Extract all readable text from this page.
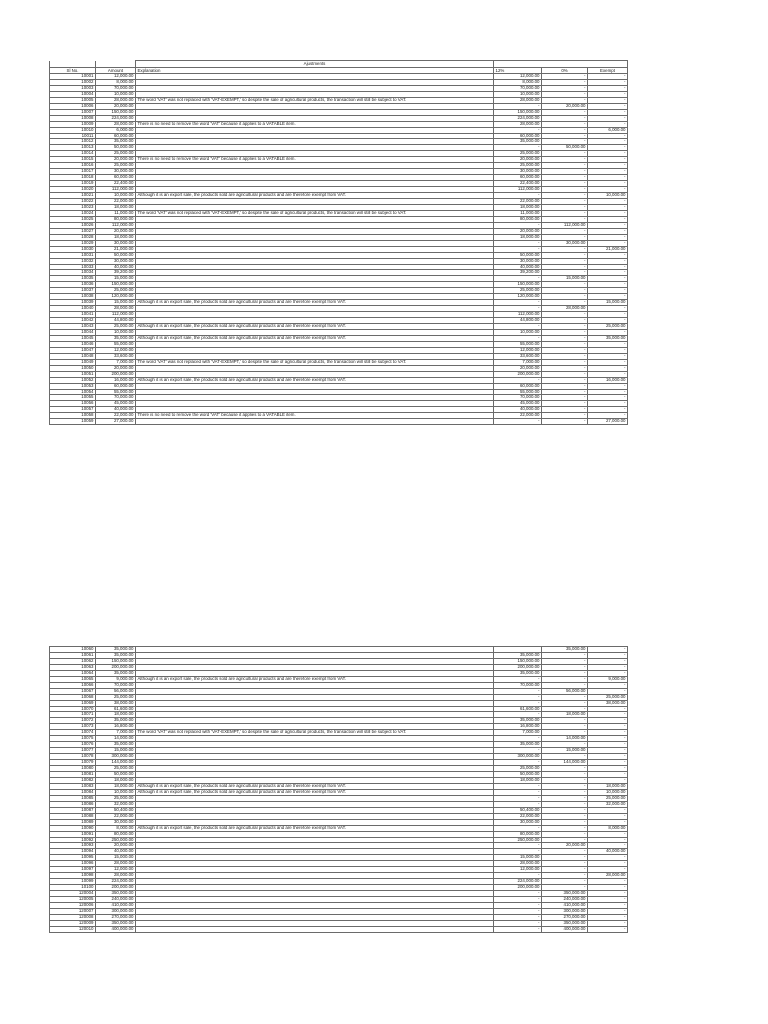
		Ajustments			
Sl No.	Amount	Explanation	12%	0%	Exempt
10001	12,000.00		12,000.00	-	-
10002	8,000.00		8,000.00	-	-
10003	70,000.00		70,000.00	-	-
10004	10,000.00		10,000.00	-	-
10005	28,000.00	The word 'VAT' was not replaced with 'VAT-EXEMPT,' so despite the sale of agricultural products, the transaction will still be subject to VAT.	28,000.00	-	-
10006	20,000.00		-	20,000.00	-
10007	150,000.00		150,000.00	-	-
10008	224,000.00		224,000.00	-	-
10009	28,000.00	There is no need to remove the word 'VAT' because it applies to a VATABLE item.	28,000.00	-	-
10010	6,000.00		-	-	6,000.00
10011	60,000.00		60,000.00	-	-
10012	35,000.00		35,000.00	-	-
10013	50,000.00		-	50,000.00	-
10014	25,000.00		25,000.00	-	-
10015	20,000.00	There is no need to remove the word 'VAT' because it applies to a VATABLE item.	20,000.00	-	-
10016	25,000.00		25,000.00	-	-
10017	30,000.00		30,000.00	-	-
10018	60,000.00		60,000.00	-	-
10019	22,400.00		22,400.00	-	-
10020	112,000.00		112,000.00	-	-
10021	10,000.00	Although it is an export sale, the products sold are agricultural products and are therefore exempt from VAT.	-	-	10,000.00
10022	22,000.00		22,000.00	-	-
10023	18,000.00		18,000.00	-	-
10024	11,000.00	The word 'VAT' was not replaced with 'VAT-EXEMPT,' so despite the sale of agricultural products, the transaction will still be subject to VAT.	11,000.00	-	-
10025	80,000.00		80,000.00	-	-
10026	112,000.00		-	112,000.00	-
10027	20,000.00		20,000.00	-	-
10028	18,000.00		18,000.00	-	-
10029	30,000.00		-	30,000.00	-
10030	21,000.00		-	-	21,000.00
10031	50,000.00		50,000.00	-	-
10032	30,000.00		30,000.00	-	-
10033	40,000.00		40,000.00	-	-
10034	39,200.00		39,200.00	-	-
10035	15,000.00		-	15,000.00	-
10036	150,000.00		150,000.00	-	-
10037	25,000.00		25,000.00	-	-
10038	120,000.00		120,000.00	-	-
10039	15,000.00	Although it is an export sale, the products sold are agricultural products and are therefore exempt from VAT.	-	-	15,000.00
10040	28,000.00		-	28,000.00	-
10041	112,000.00		112,000.00	-	-
10042	44,800.00		44,800.00	-	-
10043	25,000.00	Although it is an export sale, the products sold are agricultural products and are therefore exempt from VAT.	-	-	25,000.00
10044	10,000.00		10,000.00	-	-
10045	35,000.00	Although it is an export sale, the products sold are agricultural products and are therefore exempt from VAT.	-	-	35,000.00
10046	55,000.00		55,000.00	-	-
10047	12,000.00		12,000.00	-	-
10048	33,600.00		33,600.00	-	-
10049	7,000.00	The word 'VAT' was not replaced with 'VAT-EXEMPT,' so despite the sale of agricultural products, the transaction will still be subject to VAT.	7,000.00	-	-
10050	20,000.00		20,000.00	-	-
10051	200,000.00		200,000.00	-	-
10052	16,000.00	Although it is an export sale, the products sold are agricultural products and are therefore exempt from VAT.	-	-	16,000.00
10053	60,000.00		60,000.00	-	-
10054	55,000.00		55,000.00	-	-
10055	70,000.00		70,000.00	-	-
10056	45,000.00		45,000.00	-	-
10057	40,000.00		40,000.00	-	-
10058	22,000.00	There is no need to remove the word 'VAT' because it applies to a VATABLE item.	22,000.00	-	-
10059	27,000.00		-	-	27,000.00
10060	35,000.00			35,000.00	-
10061	35,000.00		35,000.00	-	-
10062	150,000.00		150,000.00	-	-
10063	200,000.00		200,000.00	-	-
10064	35,000.00		35,000.00	-	-
10065	9,000.00	Although it is an export sale, the products sold are agricultural products and are therefore exempt from VAT.	-	-	9,000.00
10066	70,000.00		70,000.00	-	-
10067	56,000.00		-	56,000.00	-
10068	25,000.00		-	-	25,000.00
10069	38,000.00		-	-	38,000.00
10070	61,600.00		61,600.00	-	-
10071	18,000.00		-	18,000.00	-
10072	35,000.00		35,000.00	-	-
10073	16,800.00		16,800.00	-	-
10074	7,000.00	The word 'VAT' was not replaced with 'VAT-EXEMPT,' so despite the sale of agricultural products, the transaction will still be subject to VAT.	7,000.00	-	-
10075	14,000.00		-	14,000.00	-
10076	35,000.00		35,000.00	-	-
10077	15,000.00		-	15,000.00	-
10078	300,000.00		300,000.00	-	-
10079	144,000.00		-	144,000.00	-
10080	25,000.00		25,000.00	-	-
10081	50,000.00		50,000.00	-	-
10082	18,000.00		18,000.00	-	-
10083	18,000.00	Although it is an export sale, the products sold are agricultural products and are therefore exempt from VAT.	-	-	18,000.00
10084	10,000.00	Although it is an export sale, the products sold are agricultural products and are therefore exempt from VAT.	-	-	10,000.00
10085	25,000.00		-	-	25,000.00
10086	32,000.00		-	-	32,000.00
10087	50,400.00		50,400.00	-	-
10088	22,000.00		22,000.00	-	-
10089	30,000.00		30,000.00	-	-
10090	8,000.00	Although it is an export sale, the products sold are agricultural products and are therefore exempt from VAT.	-	-	8,000.00
10091	80,000.00		80,000.00	-	-
10092	250,000.00		250,000.00	-	-
10093	20,000.00		-	20,000.00	-
10094	40,000.00		-	-	40,000.00
10095	15,000.00		15,000.00	-	-
10096	28,000.00		28,000.00	-	-
10097	12,000.00		12,000.00	-	-
10098	28,000.00		-	-	28,000.00
10099	224,000.00		224,000.00	-	-
10100	200,000.00		200,000.00	-	-
120004	350,000.00		-	350,000.00	-
120005	240,000.00		-	240,000.00	-
120006	410,000.00		-	410,000.00	-
120007	300,000.00		-	300,000.00	-
120008	270,000.00		-	270,000.00	-
120009	350,000.00		-	350,000.00	-
120010	400,000.00		-	400,000.00	-
